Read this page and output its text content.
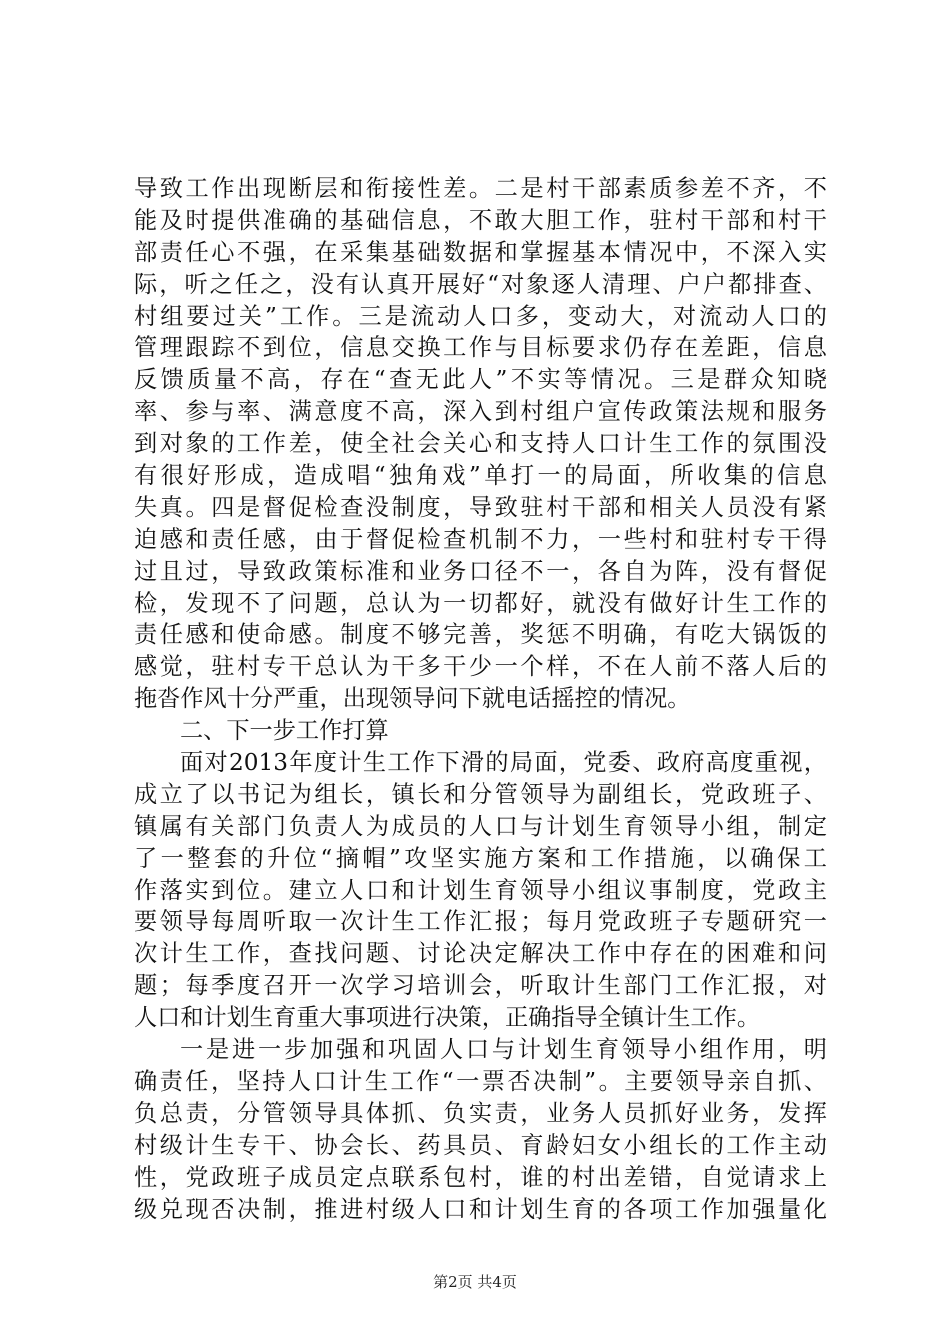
导致工作出现断层和衔接性差。二是村干部素质参差不齐，不
能及时提供准确的基础信息，不敢大胆工作，驻村干部和村干
部责任心不强，在采集基础数据和掌握基本情况中，不深入实
际，听之任之，没有认真开展好“对象逐人清理、户户都排查、
村组要过关”工作。三是流动人口多，变动大，对流动人口的
管理跟踪不到位，信息交换工作与目标要求仍存在差距，信息
反馈质量不高，存在“查无此人”不实等情况。三是群众知晓
率、参与率、满意度不高，深入到村组户宣传政策法规和服务
到对象的工作差，使全社会关心和支持人口计生工作的氛围没
有很好形成，造成唱“独角戏”单打一的局面，所收集的信息
失真。四是督促检查没制度，导致驻村干部和相关人员没有紧
迫感和责任感，由于督促检查机制不力，一些村和驻村专干得
过且过，导致政策标准和业务口径不一，各自为阵，没有督促
检，发现不了问题，总认为一切都好，就没有做好计生工作的
责任感和使命感。制度不够完善，奖惩不明确，有吃大锅饭的
感觉，驻村专干总认为干多干少一个样，不在人前不落人后的
拖沓作风十分严重，出现领导问下就电话摇控的情况。
二、下一步工作打算
面对2013年度计生工作下滑的局面，党委、政府高度重视，
成立了以书记为组长，镇长和分管领导为副组长，党政班子、
镇属有关部门负责人为成员的人口与计划生育领导小组，制定
了一整套的升位“摘帽”攻坚实施方案和工作措施，以确保工
作落实到位。建立人口和计划生育领导小组议事制度，党政主
要领导每周听取一次计生工作汇报；每月党政班子专题研究一
次计生工作，查找问题、讨论决定解决工作中存在的困难和问
题；每季度召开一次学习培训会，听取计生部门工作汇报，对
人口和计划生育重大事项进行决策，正确指导全镇计生工作。
一是进一步加强和巩固人口与计划生育领导小组作用，明
确责任，坚持人口计生工作“一票否决制”。主要领导亲自抓、
负总责，分管领导具体抓、负实责，业务人员抓好业务，发挥
村级计生专干、协会长、药具员、育龄妇女小组长的工作主动
性，党政班子成员定点联系包村，谁的村出差错，自觉请求上
级兑现否决制，推进村级人口和计划生育的各项工作加强量化
第2页 共4页
